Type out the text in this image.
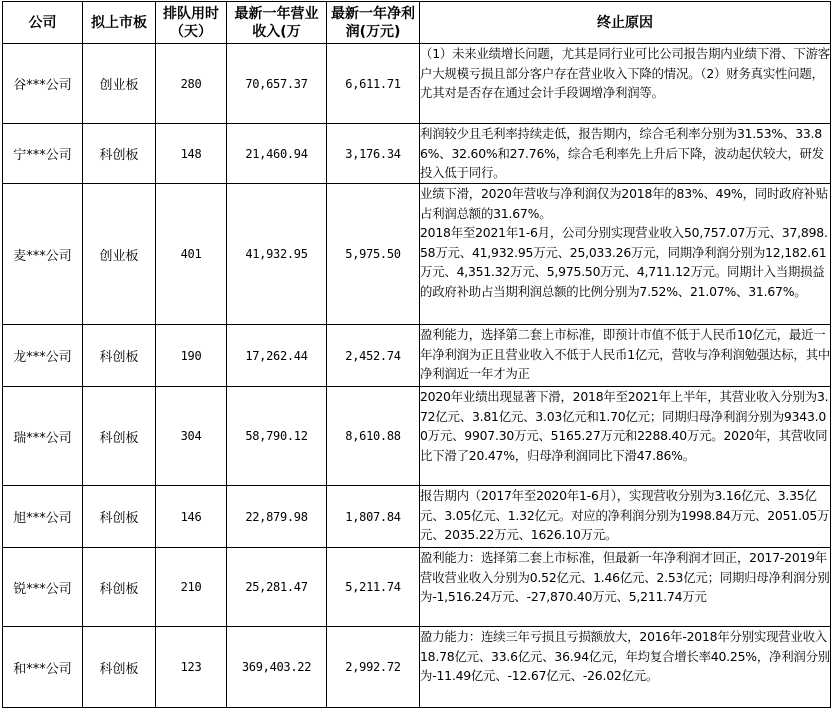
公司	拟上市板	排队用时（天）	最新一年营业收入(万	最新一年净利润(万元)	终止原因
谷***公司	创业板	280	70,657.37	6,611.71	（1）未来业绩增长问题，尤其是同行业可比公司报告期内业绩下滑、下游客户大规模亏损且部分客户存在营业收入下降的情况。（2）财务真实性问题，尤其对是否存在通过会计手段调增净利润等。

宁***公司	科创板	148	21,460.94	3,176.34	利润较少且毛利率持续走低，报告期内，综合毛利率分别为31.53%、33.86%、32.60%和27.76%，综合毛利率先上升后下降，波动起伏较大，研发投入低于同行。

麦***公司	创业板	401	41,932.95	5,975.50	业绩下滑，2020年营收与净利润仅为2018年的83%、49%，同时政府补贴占利润总额的31.67%。

2018年至2021年1-6月，公司分别实现营业收入50,757.07万元、37,898.58万元、41,932.95万元、25,033.26万元，同期净利润分别为12,182.61万元、4,351.32万元、5,975.50万元、4,711.12万元。同期计入当期损益的政府补助占当期利润总额的比例分别为7.52%、21.07%、31.67%。

龙***公司	科创板	190	17,262.44	2,452.74	盈利能力，选择第二套上市标准，即预计市值不低于人民币10亿元，最近一年净利润为正且营业收入不低于人民币1亿元，营收与净利润勉强达标，其中净利润近一年才为正

瑞***公司	科创板	304	58,790.12	8,610.88	2020年业绩出现显著下滑，2018年至2021年上半年，其营业收入分别为3.72亿元、3.81亿元、3.03亿元和1.70亿元；同期归母净利润分别为9343.00万元、9907.30万元、5165.27万元和2288.40万元。2020年，其营收同比下滑了20.47%，归母净利润同比下滑47.86%。

旭***公司	科创板	146	22,879.98	1,807.84	报告期内（2017年至2020年1-6月），实现营收分别为3.16亿元、3.35亿元、3.05亿元、1.32亿元。对应的净利润分别为1998.84万元、2051.05万元、2035.22万元、1626.10万元。

锐***公司	科创板	210	25,281.47	5,211.74	盈利能力：选择第二套上市标准，但最新一年净利润才回正，2017-2019年营收营业收入分别为0.52亿元、1.46亿元、2.53亿元；同期归母净利润分别为-1,516.24万元、-27,870.40万元、5,211.74万元

和***公司	科创板	123	369,403.22	2,992.72	盈力能力：连续三年亏损且亏损额放大，2016年-2018年分别实现营业收入18.78亿元、33.6亿元、36.94亿元，年均复合增长率40.25%，净利润分别为-11.49亿元、-12.67亿元、-26.02亿元。
